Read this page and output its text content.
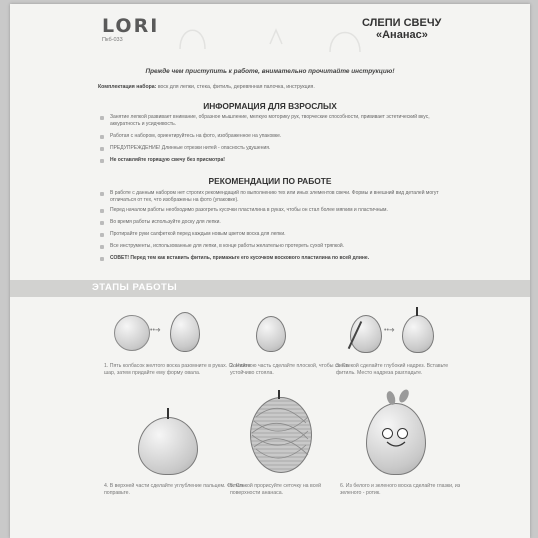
LORI
Пкб-033
СЛЕПИ СВЕЧУ
«Ананас»
Прежде чем приступить к работе, внимательно прочитайте инструкцию!
Комплектация набора: воск для лепки, стека, фитиль, деревянная палочка, инструкция.
ИНФОРМАЦИЯ ДЛЯ ВЗРОСЛЫХ

Занятие лепкой развивает внимание, образное мышление, мелкую моторику рук, творческие способности, прививает эстетический вкус, аккуратность и усидчивость.

Работая с набором, ориентируйтесь на фото, изображенное на упаковке.

ПРЕДУПРЕЖДЕНИЕ! Длинные отрезки нитей - опасность удушения.

Не оставляйте горящую свечу без присмотра!

РЕКОМЕНДАЦИИ ПО РАБОТЕ

В работе с данным набором нет строгих рекомендаций по выполнению тех или иных элементов свечи. Формы и внешний вид деталей могут отличаться от тех, что изображены на фото (упаковке).

Перед началом работы необходимо разогреть кусочки пластилина в руках, чтобы он стал более мягким и пластичным.

Во время работы используйте доску для лепки.

Протирайте руки салфеткой перед каждым новым цветом воска для лепки.

Все инструменты, использованные для лепки, в конце работы желательно протереть сухой тряпкой.

СОВЕТ! Перед тем как вставить фитиль, примажьте его кусочком воскового пластилина по всей длине.

ЭТАПЫ РАБОТЫ
••➜	••➜
1. Пять колбасок желтого воска разомните в руках. Скатайте шар, затем придайте ему форму овала.
2. Нижнюю часть сделайте плоской, чтобы свеча устойчиво стояла.
3. Стекой сделайте глубокий надрез. Вставьте фитиль. Место надреза разгладьте.
4. В верхней части сделайте углубление пальцем. Фитиль поправьте.
5. Стекой прорисуйте сеточку на всей поверхности ананаса.
6. Из белого и зеленого воска сделайте глазки, из зеленого - ротик.
